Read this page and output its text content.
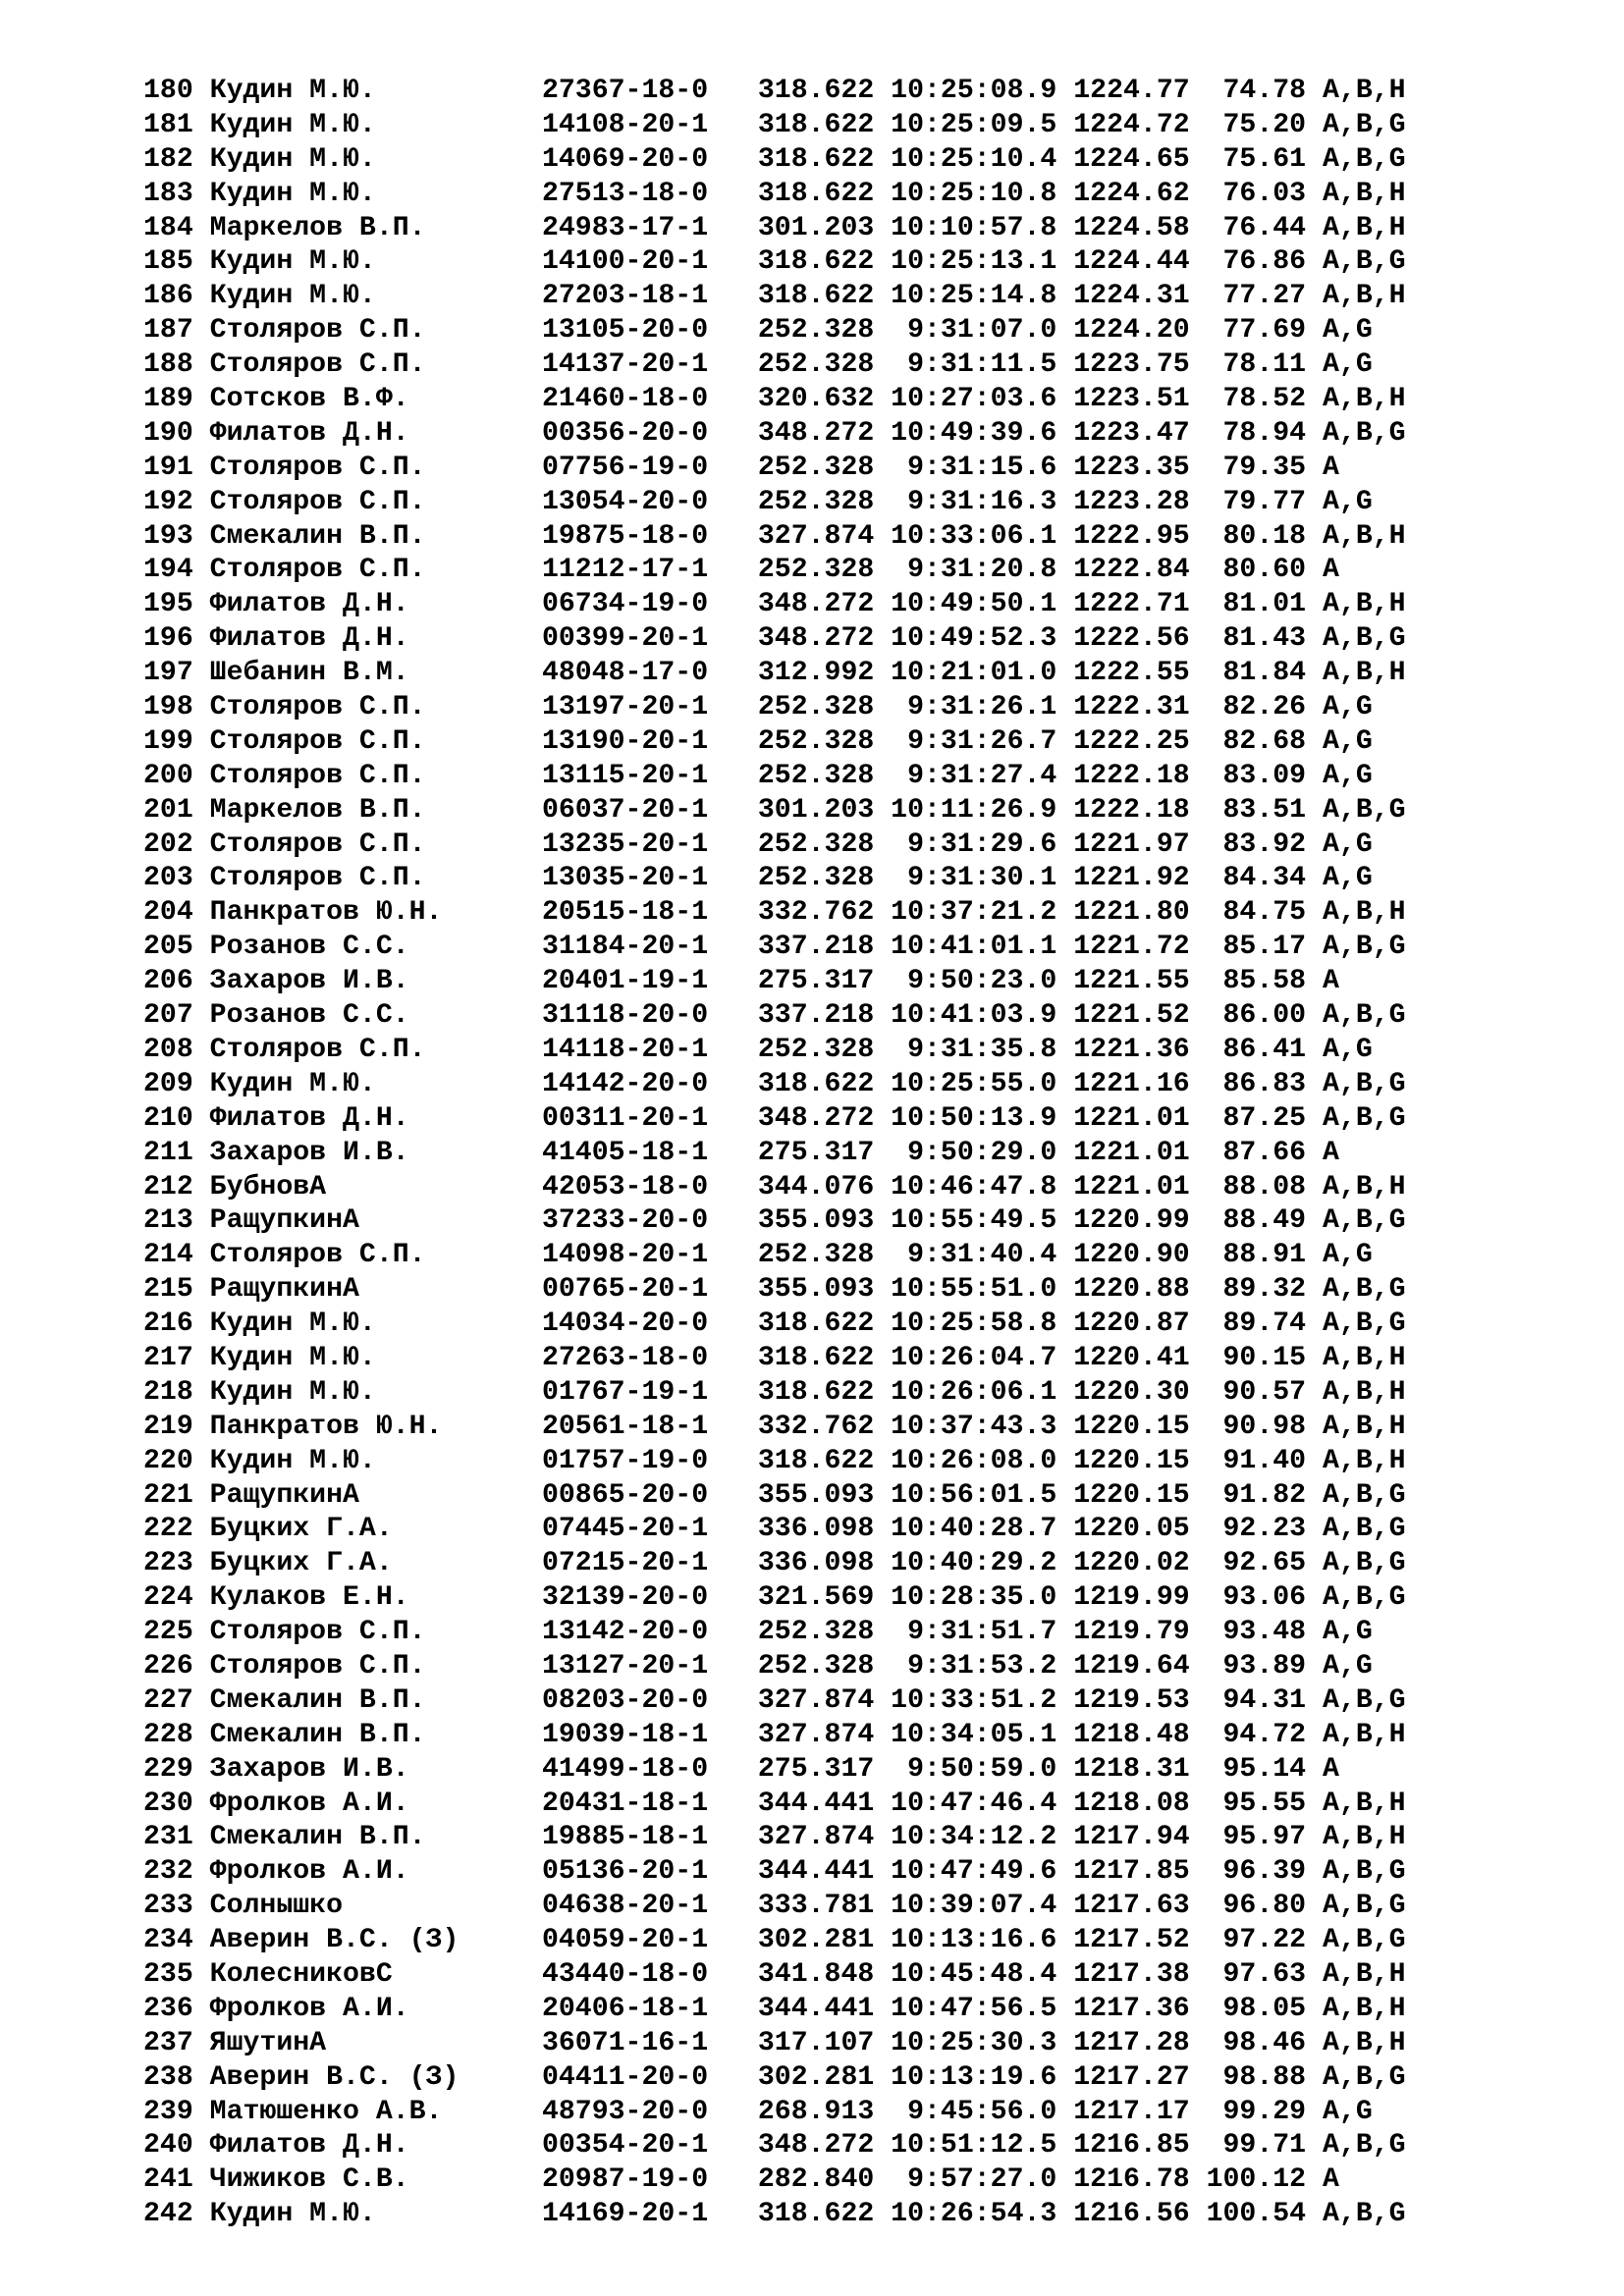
180 Кудин М.Ю.          27367-18-0   318.622 10:25:08.9 1224.77  74.78 A,B,H
181 Кудин М.Ю.          14108-20-1   318.622 10:25:09.5 1224.72  75.20 A,B,G
182 Кудин М.Ю.          14069-20-0   318.622 10:25:10.4 1224.65  75.61 A,B,G
183 Кудин М.Ю.          27513-18-0   318.622 10:25:10.8 1224.62  76.03 A,B,H
184 Маркелов В.П.       24983-17-1   301.203 10:10:57.8 1224.58  76.44 A,B,H
185 Кудин М.Ю.          14100-20-1   318.622 10:25:13.1 1224.44  76.86 A,B,G
186 Кудин М.Ю.          27203-18-1   318.622 10:25:14.8 1224.31  77.27 A,B,H
187 Столяров С.П.       13105-20-0   252.328  9:31:07.0 1224.20  77.69 A,G
188 Столяров С.П.       14137-20-1   252.328  9:31:11.5 1223.75  78.11 A,G
189 Сотсков В.Ф.        21460-18-0   320.632 10:27:03.6 1223.51  78.52 A,B,H
190 Филатов Д.Н.        00356-20-0   348.272 10:49:39.6 1223.47  78.94 A,B,G
191 Столяров С.П.       07756-19-0   252.328  9:31:15.6 1223.35  79.35 A
192 Столяров С.П.       13054-20-0   252.328  9:31:16.3 1223.28  79.77 A,G
193 Смекалин В.П.       19875-18-0   327.874 10:33:06.1 1222.95  80.18 A,B,H
194 Столяров С.П.       11212-17-1   252.328  9:31:20.8 1222.84  80.60 A
195 Филатов Д.Н.        06734-19-0   348.272 10:49:50.1 1222.71  81.01 A,B,H
196 Филатов Д.Н.        00399-20-1   348.272 10:49:52.3 1222.56  81.43 A,B,G
197 Шебанин В.М.        48048-17-0   312.992 10:21:01.0 1222.55  81.84 A,B,H
198 Столяров С.П.       13197-20-1   252.328  9:31:26.1 1222.31  82.26 A,G
199 Столяров С.П.       13190-20-1   252.328  9:31:26.7 1222.25  82.68 A,G
200 Столяров С.П.       13115-20-1   252.328  9:31:27.4 1222.18  83.09 A,G
201 Маркелов В.П.       06037-20-1   301.203 10:11:26.9 1222.18  83.51 A,B,G
202 Столяров С.П.       13235-20-1   252.328  9:31:29.6 1221.97  83.92 A,G
203 Столяров С.П.       13035-20-1   252.328  9:31:30.1 1221.92  84.34 A,G
204 Панкратов Ю.Н.      20515-18-1   332.762 10:37:21.2 1221.80  84.75 A,B,H
205 Розанов С.С.        31184-20-1   337.218 10:41:01.1 1221.72  85.17 A,B,G
206 Захаров И.В.        20401-19-1   275.317  9:50:23.0 1221.55  85.58 A
207 Розанов С.С.        31118-20-0   337.218 10:41:03.9 1221.52  86.00 A,B,G
208 Столяров С.П.       14118-20-1   252.328  9:31:35.8 1221.36  86.41 A,G
209 Кудин М.Ю.          14142-20-0   318.622 10:25:55.0 1221.16  86.83 A,B,G
210 Филатов Д.Н.        00311-20-1   348.272 10:50:13.9 1221.01  87.25 A,B,G
211 Захаров И.В.        41405-18-1   275.317  9:50:29.0 1221.01  87.66 A
212 БубновА             42053-18-0   344.076 10:46:47.8 1221.01  88.08 A,B,H
213 РащупкинА           37233-20-0   355.093 10:55:49.5 1220.99  88.49 A,B,G
214 Столяров С.П.       14098-20-1   252.328  9:31:40.4 1220.90  88.91 A,G
215 РащупкинА           00765-20-1   355.093 10:55:51.0 1220.88  89.32 A,B,G
216 Кудин М.Ю.          14034-20-0   318.622 10:25:58.8 1220.87  89.74 A,B,G
217 Кудин М.Ю.          27263-18-0   318.622 10:26:04.7 1220.41  90.15 A,B,H
218 Кудин М.Ю.          01767-19-1   318.622 10:26:06.1 1220.30  90.57 A,B,H
219 Панкратов Ю.Н.      20561-18-1   332.762 10:37:43.3 1220.15  90.98 A,B,H
220 Кудин М.Ю.          01757-19-0   318.622 10:26:08.0 1220.15  91.40 A,B,H
221 РащупкинА           00865-20-0   355.093 10:56:01.5 1220.15  91.82 A,B,G
222 Буцких Г.А.         07445-20-1   336.098 10:40:28.7 1220.05  92.23 A,B,G
223 Буцких Г.А.         07215-20-1   336.098 10:40:29.2 1220.02  92.65 A,B,G
224 Кулаков Е.Н.        32139-20-0   321.569 10:28:35.0 1219.99  93.06 A,B,G
225 Столяров С.П.       13142-20-0   252.328  9:31:51.7 1219.79  93.48 A,G
226 Столяров С.П.       13127-20-1   252.328  9:31:53.2 1219.64  93.89 A,G
227 Смекалин В.П.       08203-20-0   327.874 10:33:51.2 1219.53  94.31 A,B,G
228 Смекалин В.П.       19039-18-1   327.874 10:34:05.1 1218.48  94.72 A,B,H
229 Захаров И.В.        41499-18-0   275.317  9:50:59.0 1218.31  95.14 A
230 Фролков А.И.        20431-18-1   344.441 10:47:46.4 1218.08  95.55 A,B,H
231 Смекалин В.П.       19885-18-1   327.874 10:34:12.2 1217.94  95.97 A,B,H
232 Фролков А.И.        05136-20-1   344.441 10:47:49.6 1217.85  96.39 A,B,G
233 Солнышко            04638-20-1   333.781 10:39:07.4 1217.63  96.80 A,B,G
234 Аверин В.С. (З)     04059-20-1   302.281 10:13:16.6 1217.52  97.22 A,B,G
235 КолесниковС         43440-18-0   341.848 10:45:48.4 1217.38  97.63 A,B,H
236 Фролков А.И.        20406-18-1   344.441 10:47:56.5 1217.36  98.05 A,B,H
237 ЯшутинА             36071-16-1   317.107 10:25:30.3 1217.28  98.46 A,B,H
238 Аверин В.С. (З)     04411-20-0   302.281 10:13:19.6 1217.27  98.88 A,B,G
239 Матюшенко А.В.      48793-20-0   268.913  9:45:56.0 1217.17  99.29 A,G
240 Филатов Д.Н.        00354-20-1   348.272 10:51:12.5 1216.85  99.71 A,B,G
241 Чижиков С.В.        20987-19-0   282.840  9:57:27.0 1216.78 100.12 A
242 Кудин М.Ю.          14169-20-1   318.622 10:26:54.3 1216.56 100.54 A,B,G
